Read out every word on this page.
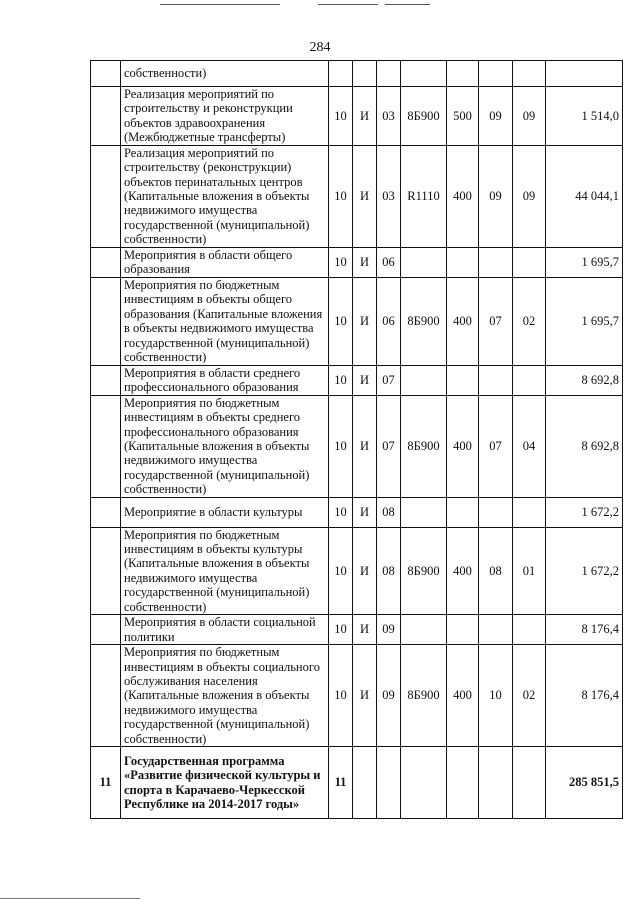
284
	собственности)								
	Реализация мероприятий по строительству и реконструкции объектов здравоохранения (Межбюджетные трансферты)	10	И	03	8Б900	500	09	09	1 514,0
	Реализация мероприятий по строительству (реконструкции) объектов перинатальных центров (Капитальные вложения в объекты недвижимого имущества государственной (муниципальной) собственности)	10	И	03	R1110	400	09	09	44 044,1
	Мероприятия в области общего образования	10	И	06					1 695,7
	Мероприятия по бюджетным инвестициям в объекты общего образования (Капитальные вложения в объекты недвижимого имущества государственной (муниципальной) собственности)	10	И	06	8Б900	400	07	02	1 695,7
	Мероприятия в области среднего профессионального образования	10	И	07					8 692,8
	Мероприятия по бюджетным инвестициям в объекты среднего профессионального образования (Капитальные вложения в объекты недвижимого имущества государственной (муниципальной) собственности)	10	И	07	8Б900	400	07	04	8 692,8
	Мероприятие в области культуры	10	И	08					1 672,2
	Мероприятия по бюджетным инвестициям в объекты культуры (Капитальные вложения в объекты недвижимого имущества государственной (муниципальной) собственности)	10	И	08	8Б900	400	08	01	1 672,2
	Мероприятия в области социальной политики	10	И	09					8 176,4
	Мероприятия по бюджетным инвестициям в объекты социального обслуживания населения (Капитальные вложения в объекты недвижимого имущества государственной (муниципальной) собственности)	10	И	09	8Б900	400	10	02	8 176,4
11	Государственная программа «Развитие физической культуры и спорта в Карачаево-Черкесской Республике на 2014-2017 годы»	11							285 851,5
